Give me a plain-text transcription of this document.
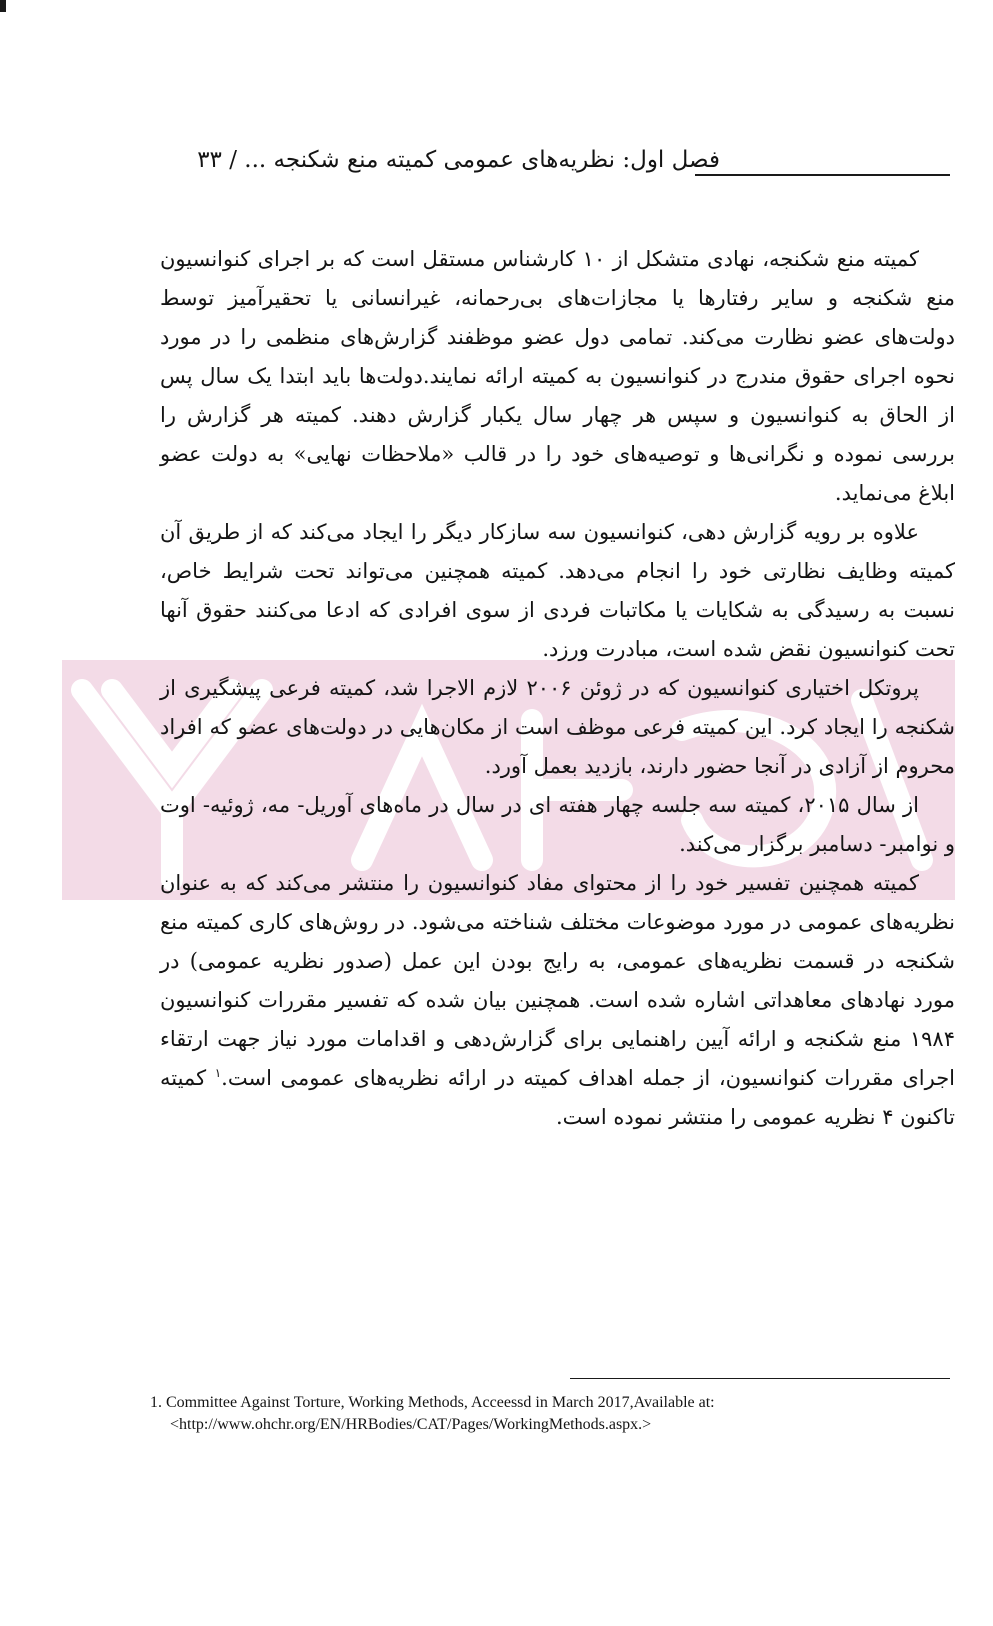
فصل اول: نظریه‌های عمومی کمیته منع شکنجه ... / ۳۳

کمیته منع شکنجه، نهادی متشکل از ۱۰ کارشناس مستقل است که بر اجرای کنوانسیون منع شکنجه و سایر رفتارها یا مجازات‌های بی‌رحمانه، غیرانسانی یا تحقیرآمیز توسط دولت‌های عضو نظارت می‌کند. تمامی دول عضو موظفند گزارش‌های منظمی را در مورد نحوه اجرای حقوق مندرج در کنوانسیون به کمیته ارائه نمایند.دولت‌ها باید ابتدا یک سال پس از الحاق به کنوانسیون و سپس هر چهار سال یکبار گزارش دهند. کمیته هر گزارش را بررسی نموده و نگرانی‌ها و توصیه‌های خود را در قالب «ملاحظات نهایی» به دولت عضو ابلاغ می‌نماید.

علاوه بر رویه گزارش دهی، کنوانسیون سه سازکار دیگر را ایجاد می‌کند که از طریق آن کمیته وظایف نظارتی خود را انجام می‌دهد. کمیته همچنین می‌تواند تحت شرایط خاص، نسبت به رسیدگی به شکایات یا مکاتبات فردی از سوی افرادی که ادعا می‌کنند حقوق آنها تحت کنوانسیون نقض شده است، مبادرت ورزد.

پروتکل اختیاری کنوانسیون که در ژوئن ۲۰۰۶ لازم الاجرا شد، کمیته فرعی پیشگیری از شکنجه را ایجاد کرد. این کمیته فرعی موظف است از مکان‌هایی در دولت‌های عضو که افراد محروم از آزادی در آنجا حضور دارند، بازدید بعمل آورد.

از سال ۲۰۱۵، کمیته سه جلسه چهار هفته ای در سال در ماه‌های آوریل- مه، ژوئیه- اوت و نوامبر- دسامبر برگزار می‌کند.

کمیته همچنین تفسیر خود را از محتوای مفاد کنوانسیون را منتشر می‌کند که به عنوان نظریه‌های عمومی در مورد موضوعات مختلف شناخته می‌شود. در روش‌های کاری کمیته منع شکنجه در قسمت نظریه‌های عمومی، به رایج بودن این عمل (صدور نظریه عمومی) در مورد نهادهای معاهداتی اشاره شده است. همچنین بیان شده که تفسیر مقررات کنوانسیون ۱۹۸۴ منع شکنجه و ارائه آیین راهنمایی برای گزارش‌دهی و اقدامات مورد نیاز جهت ارتقاء اجرای مقررات کنوانسیون، از جمله اهداف کمیته در ارائه نظریه‌های عمومی است.$^۱$ کمیته تاکنون ۴ نظریه عمومی را منتشر نموده است.

1. Committee Against Torture, Working Methods, Acceessd in March 2017,Available at:
<http://www.ohchr.org/EN/HRBodies/CAT/Pages/WorkingMethods.aspx.>
